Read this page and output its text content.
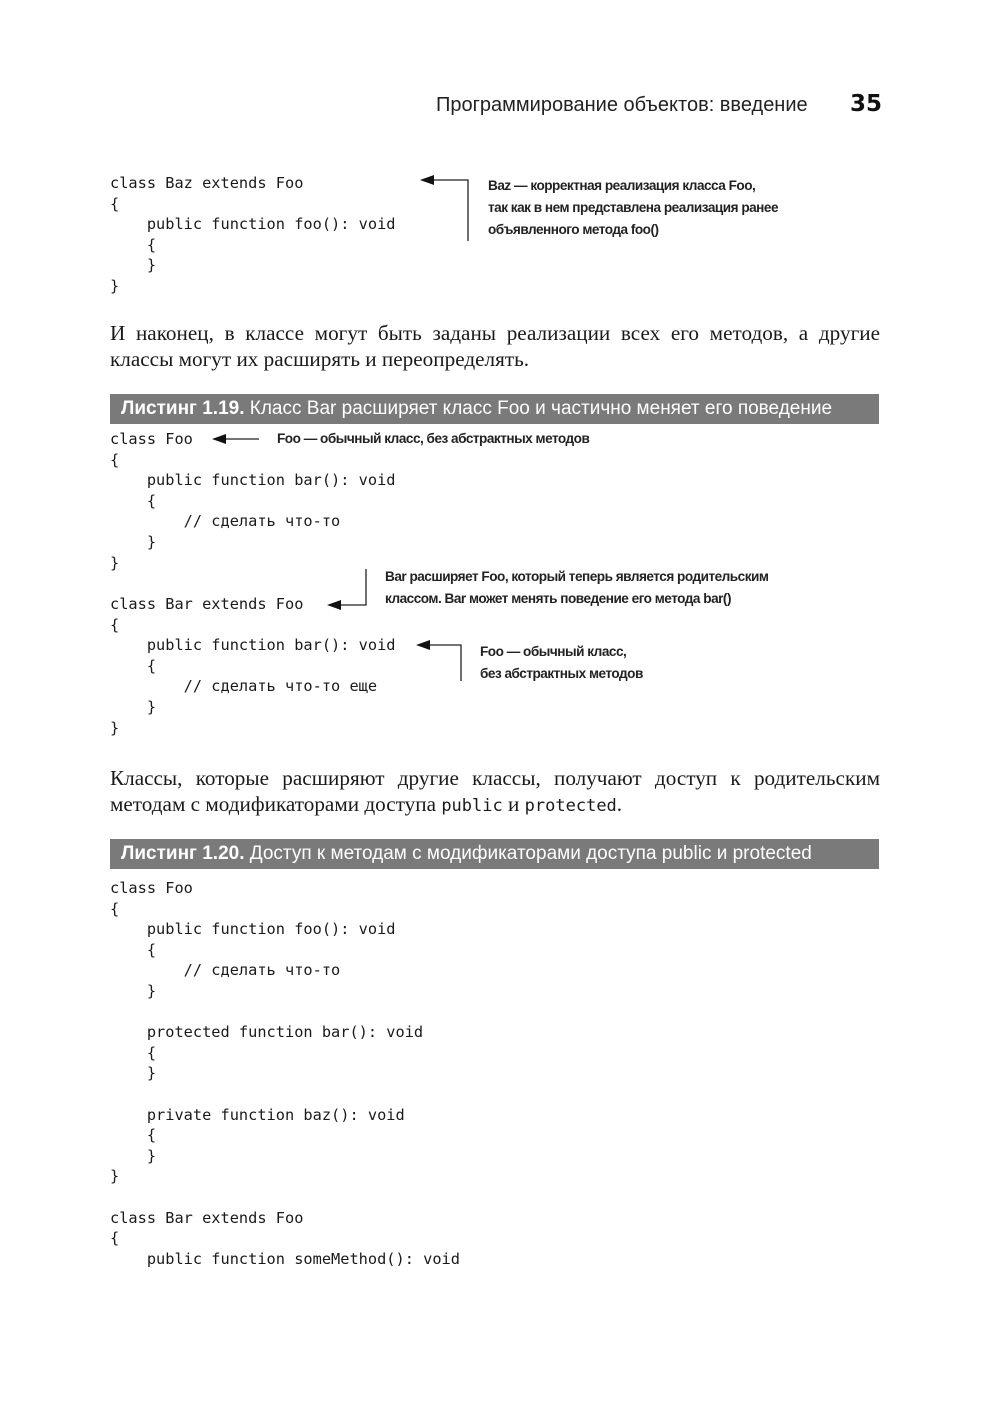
Программирование объектов: введение 35
class Baz extends Foo
{
public function foo(): void
{
}
}
Baz — корректная реализация класса Foo,
так как в нем представлена реализация ранее
объявленного метода foo()

И наконец, в классе могут быть заданы реализации всех его методов, а другие классы могут их расширять и переопределять.

Листинг 1.19. Класс Bar расширяет класс Foo и частично меняет его поведение
class Foo
{
public function bar(): void
{
// сделать что-то
}
}
Foo — обычный класс, без абстрактных методов
Bar расширяет Foo, который теперь является родительским
классом. Bar может менять поведение его метода bar()
class Bar extends Foo
{
public function bar(): void
{
// сделать что-то еще
}
}
Foo — обычный класс,
без абстрактных методов

Классы, которые расширяют другие классы, получают доступ к родительским методам с модификаторами доступа public и protected.

Листинг 1.20. Доступ к методам с модификаторами доступа public и protected
class Foo
{
public function foo(): void
{
// сделать что-то
}

protected function bar(): void
{
}

private function baz(): void
{
}
}

class Bar extends Foo
{
public function someMethod(): void
